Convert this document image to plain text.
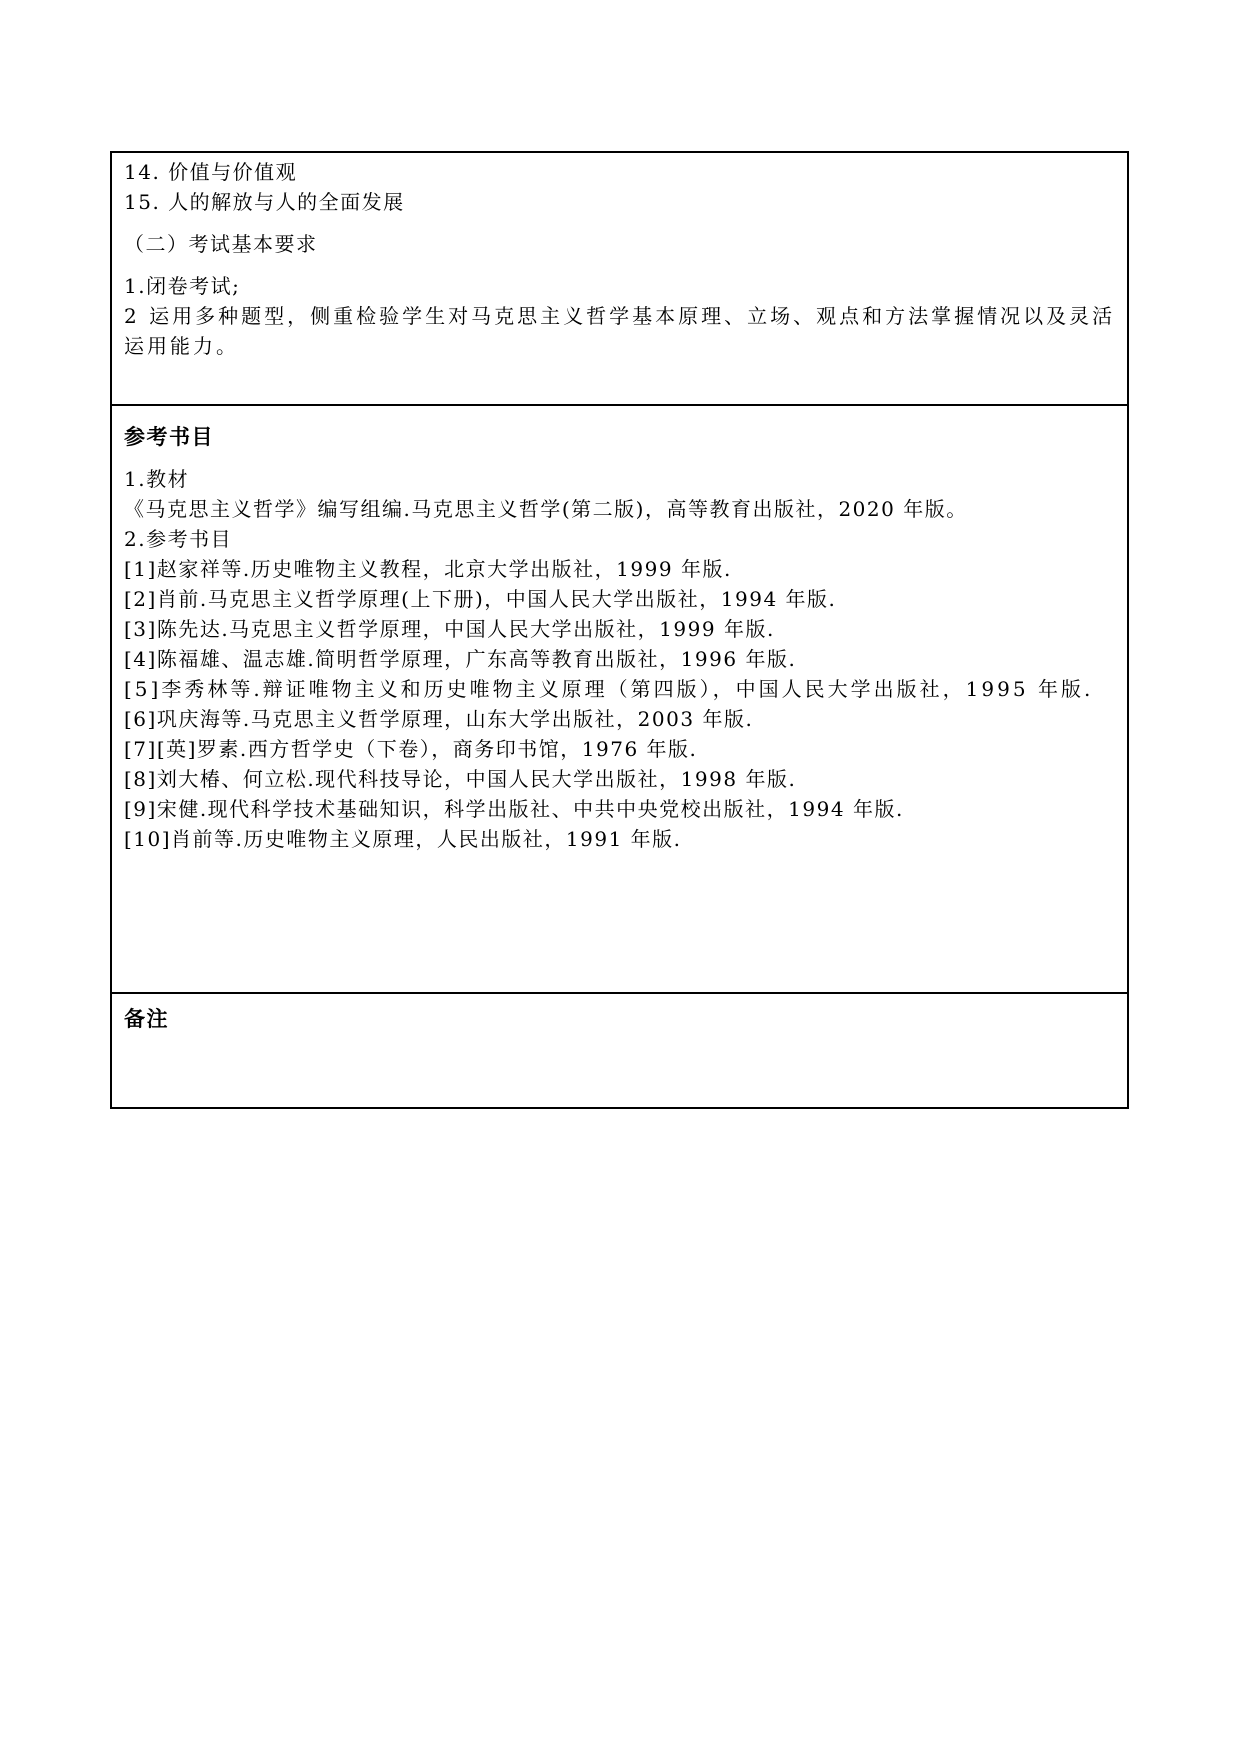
14. 价值与价值观
15. 人的解放与人的全面发展
（二）考试基本要求
1.闭卷考试;
2 运用多种题型，侧重检验学生对马克思主义哲学基本原理、立场、观点和方法掌握情况以及灵活运用能力。
参考书目
1.教材
《马克思主义哲学》编写组编.马克思主义哲学(第二版)，高等教育出版社，2020 年版。
2.参考书目
[1]赵家祥等.历史唯物主义教程，北京大学出版社，1999 年版.
[2]肖前.马克思主义哲学原理(上下册)，中国人民大学出版社，1994 年版.
[3]陈先达.马克思主义哲学原理，中国人民大学出版社，1999 年版.
[4]陈福雄、温志雄.简明哲学原理，广东高等教育出版社，1996 年版.
[5]李秀林等.辩证唯物主义和历史唯物主义原理（第四版），中国人民大学出版社，1995 年版.
[6]巩庆海等.马克思主义哲学原理，山东大学出版社，2003 年版.
[7][英]罗素.西方哲学史（下卷），商务印书馆，1976 年版.
[8]刘大椿、何立松.现代科技导论，中国人民大学出版社，1998 年版.
[9]宋健.现代科学技术基础知识，科学出版社、中共中央党校出版社，1994 年版.
[10]肖前等.历史唯物主义原理，人民出版社，1991 年版.
备注
